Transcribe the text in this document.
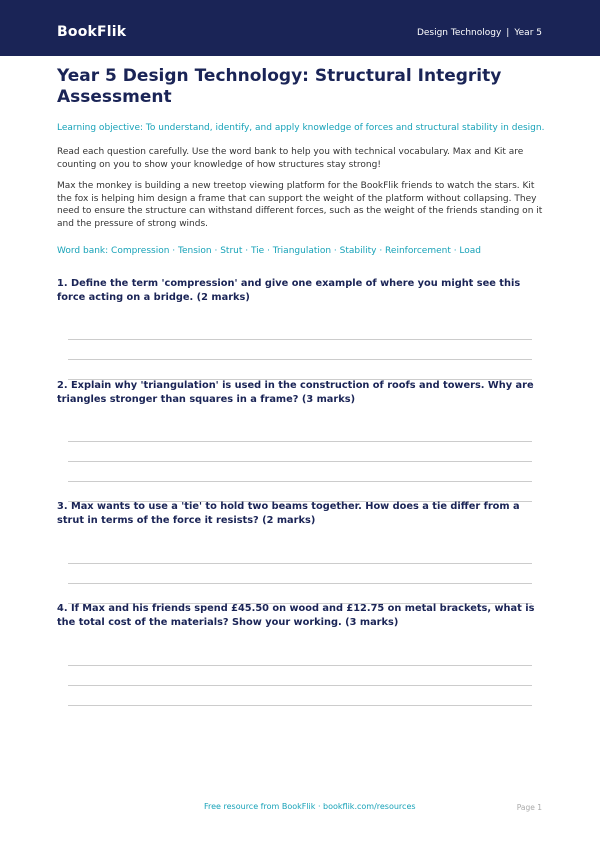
BookFlik	Design Technology | Year 5
Year 5 Design Technology: Structural Integrity Assessment
Learning objective: To understand, identify, and apply knowledge of forces and structural stability in design.

Read each question carefully. Use the word bank to help you with technical vocabulary. Max and Kit are counting on you to show your knowledge of how structures stay strong!

Max the monkey is building a new treetop viewing platform for the BookFlik friends to watch the stars. Kit the fox is helping him design a frame that can support the weight of the platform without collapsing. They need to ensure the structure can withstand different forces, such as the weight of the friends standing on it and the pressure of strong winds.

Word bank: Compression · Tension · Strut · Tie · Triangulation · Stability · Reinforcement · Load

1. Define the term 'compression' and give one example of where you might see this force acting on a bridge. (2 marks)

2. Explain why 'triangulation' is used in the construction of roofs and towers. Why are triangles stronger than squares in a frame? (3 marks)

3. Max wants to use a 'tie' to hold two beams together. How does a tie differ from a strut in terms of the force it resists? (2 marks)

4. If Max and his friends spend £45.50 on wood and £12.75 on metal brackets, what is the total cost of the materials? Show your working. (3 marks)

Free resource from BookFlik · bookflik.com/resources	Page 1
